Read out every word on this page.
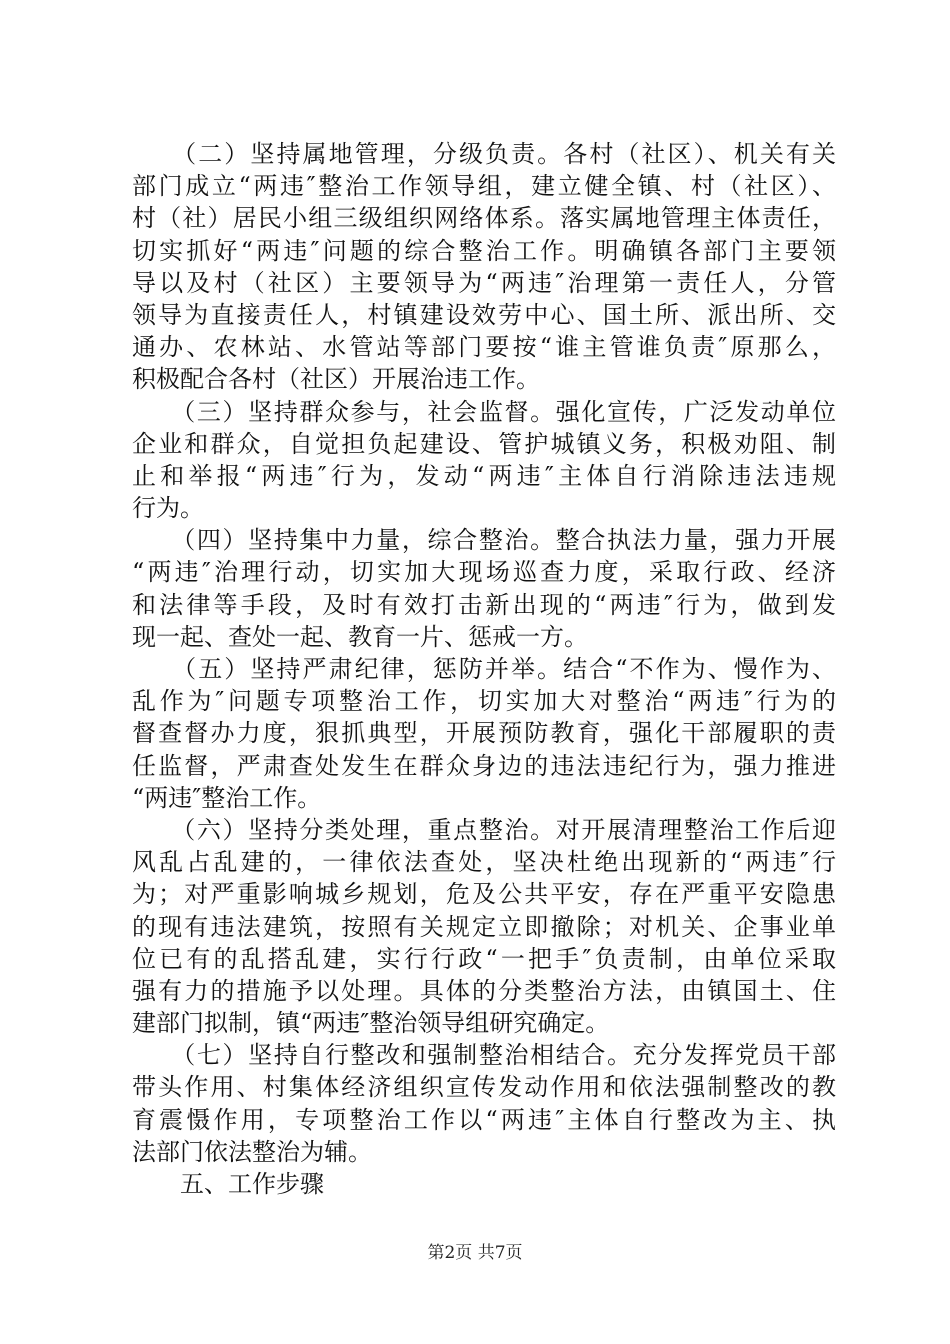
　　（二）坚持属地管理，分级负责。各村（社区）、机关有关
部门成立“两违″整治工作领导组，建立健全镇、村（社区）、
村（社）居民小组三级组织网络体系。落实属地管理主体责任，
切实抓好“两违″问题的综合整治工作。明确镇各部门主要领
导以及村（社区）主要领导为“两违″治理第一责任人，分管
领导为直接责任人，村镇建设效劳中心、国土所、派出所、交
通办、农林站、水管站等部门要按“谁主管谁负责″原那么，
积极配合各村（社区）开展治违工作。
　　（三）坚持群众参与，社会监督。强化宣传，广泛发动单位
企业和群众，自觉担负起建设、管护城镇义务，积极劝阻、制
止和举报“两违″行为，发动“两违″主体自行消除违法违规
行为。
　　（四）坚持集中力量，综合整治。整合执法力量，强力开展
“两违″治理行动，切实加大现场巡查力度，采取行政、经济
和法律等手段，及时有效打击新出现的“两违″行为，做到发
现一起、查处一起、教育一片、惩戒一方。
　　（五）坚持严肃纪律，惩防并举。结合“不作为、慢作为、
乱作为″问题专项整治工作，切实加大对整治“两违″行为的
督查督办力度，狠抓典型，开展预防教育，强化干部履职的责
任监督，严肃查处发生在群众身边的违法违纪行为，强力推进
“两违″整治工作。
　　（六）坚持分类处理，重点整治。对开展清理整治工作后迎
风乱占乱建的，一律依法查处，坚决杜绝出现新的“两违″行
为；对严重影响城乡规划，危及公共平安，存在严重平安隐患
的现有违法建筑，按照有关规定立即撤除；对机关、企事业单
位已有的乱搭乱建，实行行政“一把手″负责制，由单位采取
强有力的措施予以处理。具体的分类整治方法，由镇国土、住
建部门拟制，镇“两违″整治领导组研究确定。
　　（七）坚持自行整改和强制整治相结合。充分发挥党员干部
带头作用、村集体经济组织宣传发动作用和依法强制整改的教
育震慑作用，专项整治工作以“两违″主体自行整改为主、执
法部门依法整治为辅。
　　五、工作步骤
第2页 共7页
